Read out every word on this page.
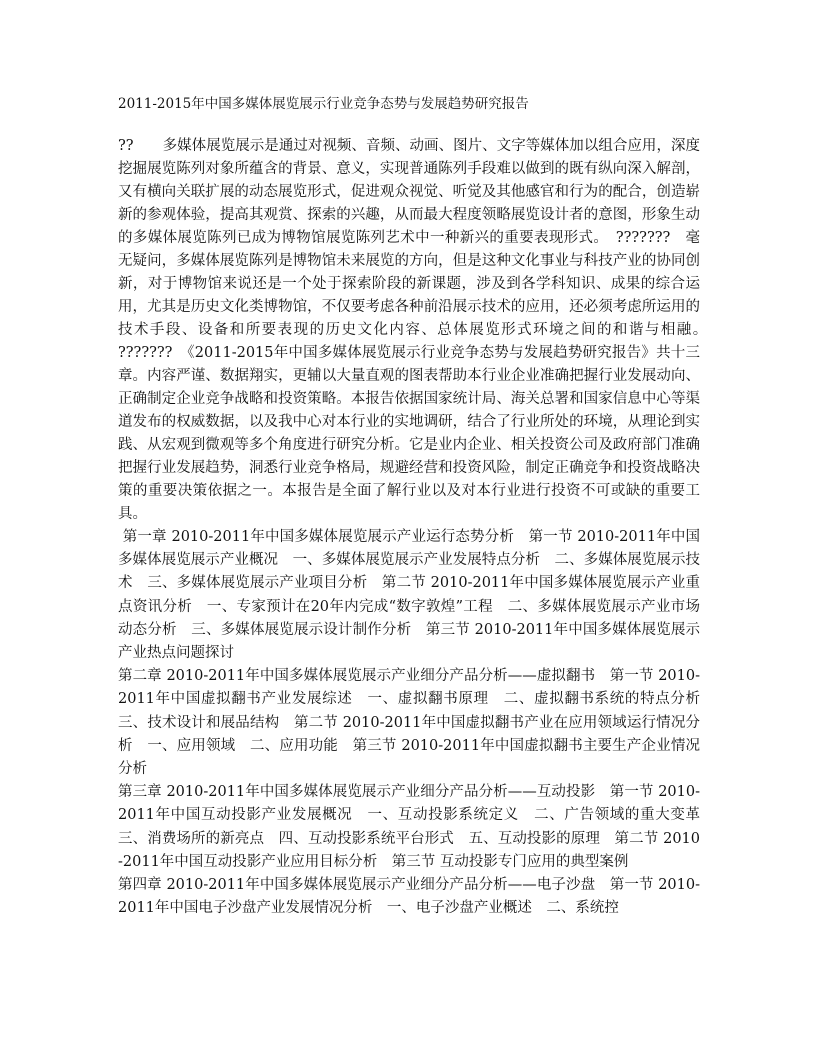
2011-2015年中国多媒体展览展示行业竞争态势与发展趋势研究报告

??　　多媒体展览展示是通过对视频、音频、动画、图片、文字等媒体加以组合应用，深度挖掘展览陈列对象所蕴含的背景、意义，实现普通陈列手段难以做到的既有纵向深入解剖，又有横向关联扩展的动态展览形式，促进观众视觉、听觉及其他感官和行为的配合，创造崭新的参观体验，提高其观赏、探索的兴趣，从而最大程度领略展览设计者的意图，形象生动的多媒体展览陈列已成为博物馆展览陈列艺术中一种新兴的重要表现形式。　???????　毫无疑问，多媒体展览陈列是博物馆未来展览的方向，但是这种文化事业与科技产业的协同创新，对于博物馆来说还是一个处于探索阶段的新课题，涉及到各学科知识、成果的综合运用，尤其是历史文化类博物馆，不仅要考虑各种前沿展示技术的应用，还必须考虑所运用的技术手段、设备和所要表现的历史文化内容、总体展览形式环境之间的和谐与相融。　???????　《2011-2015年中国多媒体展览展示行业竞争态势与发展趋势研究报告》共十三章。内容严谨、数据翔实，更辅以大量直观的图表帮助本行业企业准确把握行业发展动向、正确制定企业竞争战略和投资策略。本报告依据国家统计局、海关总署和国家信息中心等渠道发布的权威数据，以及我中心对本行业的实地调研，结合了行业所处的环境，从理论到实践、从宏观到微观等多个角度进行研究分析。它是业内企业、相关投资公司及政府部门准确把握行业发展趋势，洞悉行业竞争格局，规避经营和投资风险，制定正确竞争和投资战略决策的重要决策依据之一。本报告是全面了解行业以及对本行业进行投资不可或缺的重要工具。

第一章 2010-2011年中国多媒体展览展示产业运行态势分析　第一节 2010-2011年中国多媒体展览展示产业概况　一、多媒体展览展示产业发展特点分析　二、多媒体展览展示技术　三、多媒体展览展示产业项目分析　第二节 2010-2011年中国多媒体展览展示产业重点资讯分析　一、专家预计在20年内完成“数字敦煌”工程　二、多媒体展览展示产业市场动态分析　三、多媒体展览展示设计制作分析　第三节 2010-2011年中国多媒体展览展示产业热点问题探讨

第二章 2010-2011年中国多媒体展览展示产业细分产品分析——虚拟翻书　第一节 2010-2011年中国虚拟翻书产业发展综述　一、虚拟翻书原理　二、虚拟翻书系统的特点分析　三、技术设计和展品结构　第二节 2010-2011年中国虚拟翻书产业在应用领域运行情况分析　一、应用领域　二、应用功能　第三节 2010-2011年中国虚拟翻书主要生产企业情况分析

第三章 2010-2011年中国多媒体展览展示产业细分产品分析——互动投影　第一节 2010-2011年中国互动投影产业发展概况　一、互动投影系统定义　二、广告领域的重大变革　三、消费场所的新亮点　四、互动投影系统平台形式　五、互动投影的原理　第二节 2010-2011年中国互动投影产业应用目标分析　第三节 互动投影专门应用的典型案例

第四章 2010-2011年中国多媒体展览展示产业细分产品分析——电子沙盘　第一节 2010-2011年中国电子沙盘产业发展情况分析　一、电子沙盘产业概述　二、系统控
